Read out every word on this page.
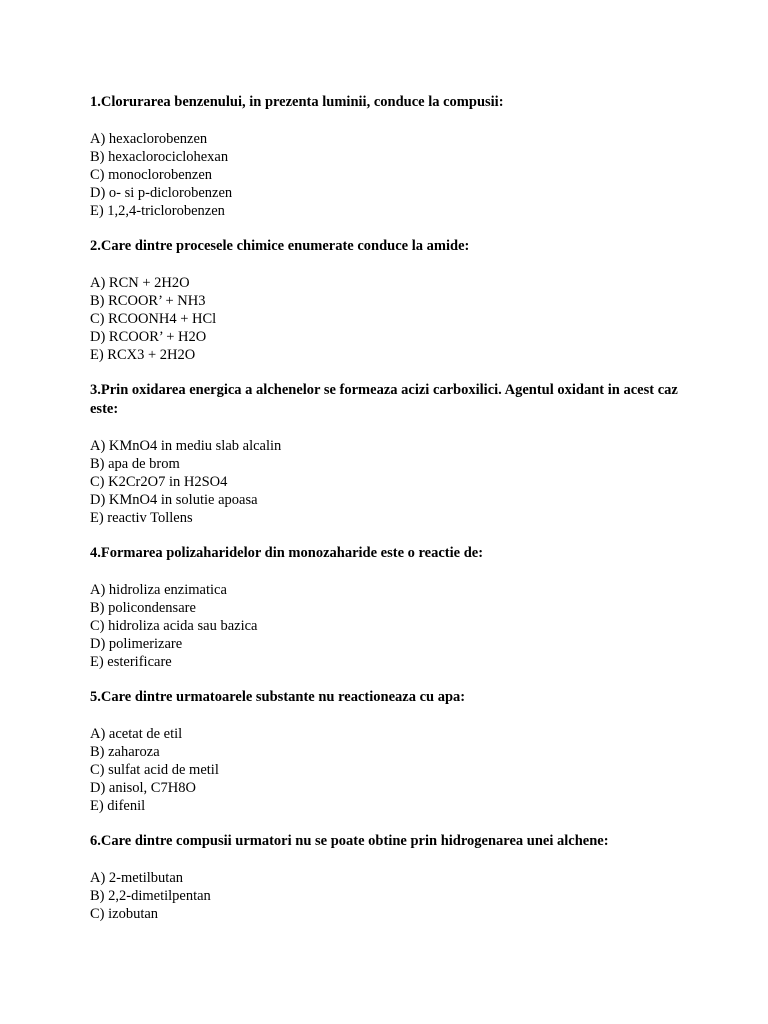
1.Clorurarea benzenului, in prezenta luminii, conduce la compusii:

A) hexaclorobenzen
B) hexaclorociclohexan
C) monoclorobenzen
D) o- si p-diclorobenzen
E) 1,2,4-triclorobenzen

2.Care dintre procesele chimice enumerate conduce la amide:

A) RCN + 2H2O
B) RCOOR’ + NH3
C) RCOONH4 + HCl
D) RCOOR’ + H2O
E) RCX3 + 2H2O

3.Prin oxidarea energica a alchenelor se formeaza acizi carboxilici. Agentul oxidant in acest caz este:

A) KMnO4 in mediu slab alcalin
B) apa de brom
C) K2Cr2O7 in H2SO4
D) KMnO4 in solutie apoasa
E) reactiv Tollens

4.Formarea polizaharidelor din monozaharide este o reactie de:

A) hidroliza enzimatica
B) policondensare
C) hidroliza acida sau bazica
D) polimerizare
E) esterificare

5.Care dintre urmatoarele substante nu reactioneaza cu apa:

A) acetat de etil
B) zaharoza
C) sulfat acid de metil
D) anisol, C7H8O
E) difenil

6.Care dintre compusii urmatori nu se poate obtine prin hidrogenarea unei alchene:

A) 2-metilbutan
B) 2,2-dimetilpentan
C) izobutan
